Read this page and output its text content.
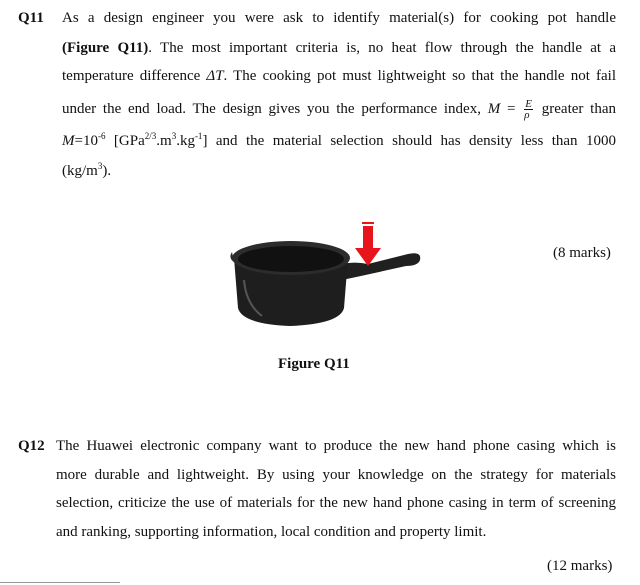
Q11 As a design engineer you were ask to identify material(s) for cooking pot handle
(Figure Q11). The most important criteria is, no heat flow through the handle at a
temperature difference ΔT. The cooking pot must lightweight so that the handle not fail
under the end load. The design gives you the performance index, $M = \frac{E}{\rho}$ greater than
$M=10^{-6}$ $[GPa^{2/3}.m^3.kg^{-1}]$ and the material selection should has density less than 1000
$(kg/m^3)$.
(8 marks)
Figure Q11
Q12 The Huawei electronic company want to produce the new hand phone casing which is
more durable and lightweight. By using your knowledge on the strategy for materials
selection, criticize the use of materials for the new hand phone casing in term of screening
and ranking, supporting information, local condition and property limit.
(12 marks)
